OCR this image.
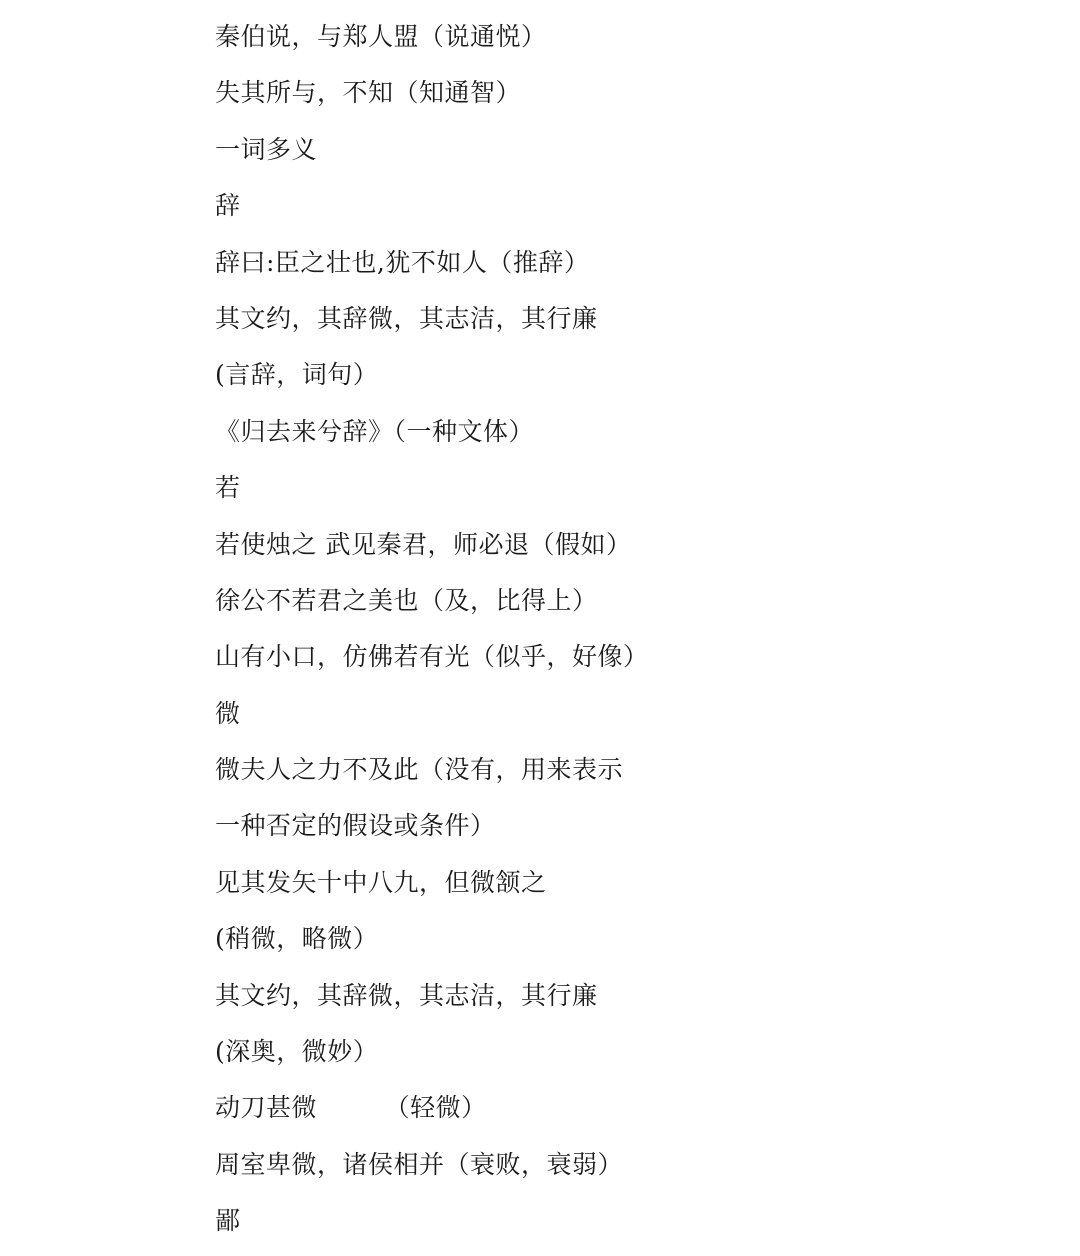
秦伯说，与郑人盟（说通悦）
失其所与，不知（知通智）
一词多义
辞
辞曰:臣之壮也,犹不如人（推辞）
其文约，其辞微，其志洁，其行廉
(言辞，词句）
《归去来兮辞》（一种文体）
若
若使烛之 武见秦君，师必退（假如）
徐公不若君之美也（及，比得上）
山有小口，仿佛若有光（似乎，好像）
微
微夫人之力不及此（没有，用来表示
一种否定的假设或条件）
见其发矢十中八九，但微颔之
(稍微，略微）
其文约，其辞微，其志洁，其行廉
(深奥，微妙）
动刀甚微        （轻微）
周室卑微，诸侯相并（衰败，衰弱）
鄙
